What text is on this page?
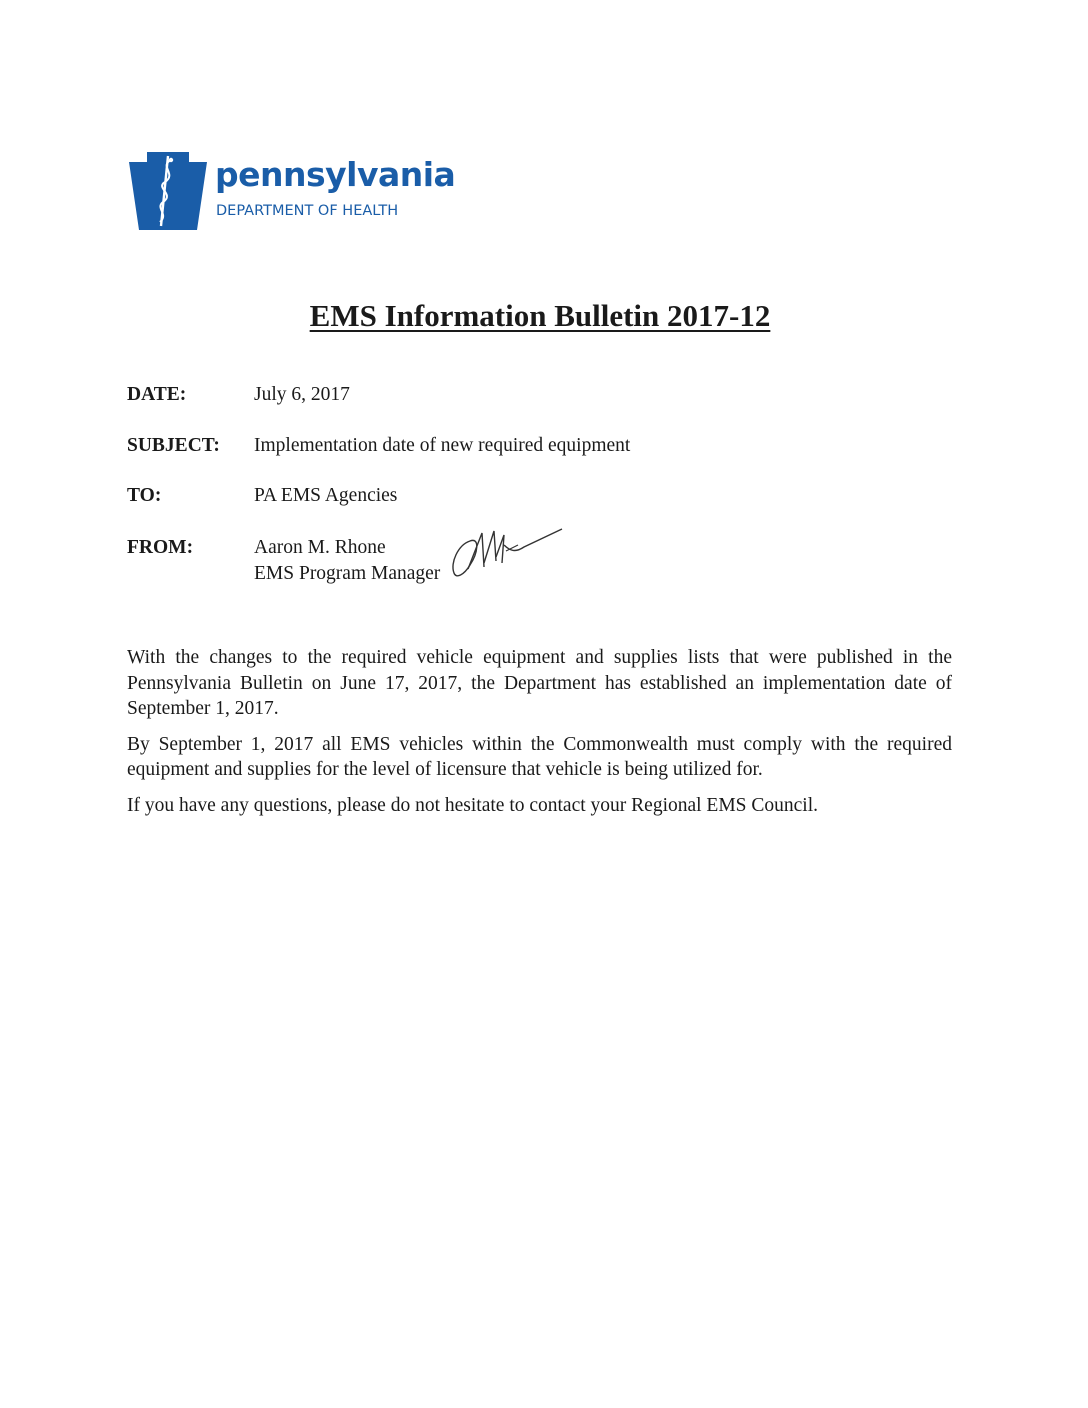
pennsylvania
DEPARTMENT OF HEALTH
EMS Information Bulletin 2017-12
DATE:	July 6, 2017
SUBJECT: Implementation date of new required equipment
TO:	PA EMS Agencies
FROM:	Aaron M. Rhone
EMS Program Manager

With the changes to the required vehicle equipment and supplies lists that were published in the Pennsylvania Bulletin on June 17, 2017, the Department has established an implementation date of September 1, 2017.

By September 1, 2017 all EMS vehicles within the Commonwealth must comply with the required equipment and supplies for the level of licensure that vehicle is being utilized for.

If you have any questions, please do not hesitate to contact your Regional EMS Council.
